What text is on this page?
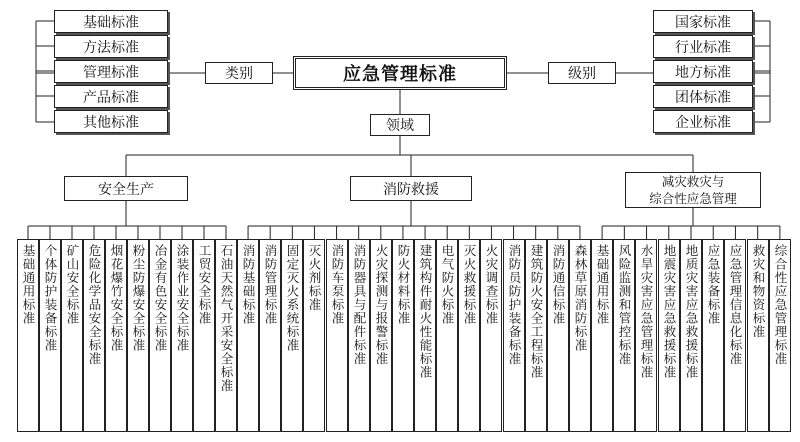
应急管理标准
类别	级别
领域
基础标准
方法标准
管理标准
产品标准
其他标准
国家标准
行业标准
地方标准
团体标准
企业标准
安全生产	消防救援	减灾救灾与
综合性应急管理
基础通用标准 个体防护装备标准 矿山安全标准 危险化学品安全标准 烟花爆竹安全标准 粉尘防爆安全标准 冶金有色安全标准 涂装作业安全标准 工贸安全标准 石油天然气开采安全标准 消防基础标准 消防管理标准 固定灭火系统标准 灭火剂标准 消防车泵标准 消防器具与配件标准 火灾探测与报警标准 防火材料标准 建筑构件耐火性能标准 电气防火标准 灭火救援标准 火灾调查标准 消防员防护装备标准 建筑防火安全工程标准 消防通信标准 森林草原消防标准 基础通用标准 风险监测和管控标准 水旱灾害应急管理标准 地震灾害应急救援标准 地质灾害应急救援标准 应急装备标准 应急管理信息化标准 救灾和物资标准 综合性应急管理标准
